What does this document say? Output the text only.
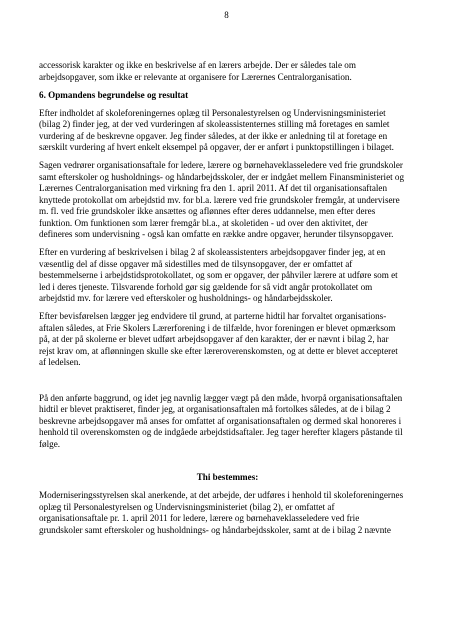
8

accessorisk karakter og ikke en beskrivelse af en lærers arbejde. Der er således tale om
arbejdsopgaver, som ikke er relevante at organisere for Lærernes Centralorganisation.

6. Opmandens begrundelse og resultat

Efter indholdet af skoleforeningernes oplæg til Personalestyrelsen og Undervisningsministeriet
(bilag 2) finder jeg, at der ved vurderingen af skoleassistenternes stilling må foretages en samlet
vurdering af de beskrevne opgaver. Jeg finder således, at der ikke er anledning til at foretage en
særskilt vurdering af hvert enkelt eksempel på opgaver, der er anført i punktopstillingen i bilaget.

Sagen vedrører organisationsaftale for ledere, lærere og børnehaveklasseledere ved frie grundskoler
samt efterskoler og husholdnings- og håndarbejdsskoler, der er indgået mellem Finansministeriet og
Lærernes Centralorganisation med virkning fra den 1. april 2011. Af det til organisationsaftalen
knyttede protokollat om arbejdstid mv. for bl.a. lærere ved frie grundskoler fremgår, at undervisere
m. fl. ved frie grundskoler ikke ansættes og aflønnes efter deres uddannelse, men efter deres
funktion. Om funktionen som lærer fremgår bl.a., at skoletiden - ud over den aktivitet, der
defineres som undervisning - også kan omfatte en række andre opgaver, herunder tilsynsopgaver.

Efter en vurdering af beskrivelsen i bilag 2 af skoleassistenters arbejdsopgaver finder jeg, at en
væsentlig del af disse opgaver må sidestilles med de tilsynsopgaver, der er omfattet af
bestemmelserne i arbejdstidsprotokollatet, og som er opgaver, der påhviler lærere at udføre som et
led i deres tjeneste. Tilsvarende forhold gør sig gældende for så vidt angår protokollatet om
arbejdstid mv. for lærere ved efterskoler og husholdnings- og håndarbejdsskoler.

Efter bevisførelsen lægger jeg endvidere til grund, at parterne hidtil har forvaltet organisations-
aftalen således, at Frie Skolers Lærerforening i de tilfælde, hvor foreningen er blevet opmærksom
på, at der på skolerne er blevet udført arbejdsopgaver af den karakter, der er nævnt i bilag 2, har
rejst krav om, at aflønningen skulle ske efter læreroverenskomsten, og at dette er blevet accepteret
af ledelsen.

På den anførte baggrund, og idet jeg navnlig lægger vægt på den måde, hvorpå organisationsaftalen
hidtil er blevet praktiseret, finder jeg, at organisationsaftalen må fortolkes således, at de i bilag 2
beskrevne arbejdsopgaver må anses for omfattet af organisationsaftalen og dermed skal honoreres i
henhold til overenskomsten og de indgåede arbejdstidsaftaler. Jeg tager herefter klagers påstande til
følge.

Thi bestemmes:

Moderniseringsstyrelsen skal anerkende, at det arbejde, der udføres i henhold til skoleforeningernes
oplæg til Personalestyrelsen og Undervisningsministeriet (bilag 2), er omfattet af
organisationsaftale pr. 1. april 2011 for ledere, lærere og børnehaveklasseledere ved frie
grundskoler samt efterskoler og husholdnings- og håndarbejdsskoler, samt at de i bilag 2 nævnte
